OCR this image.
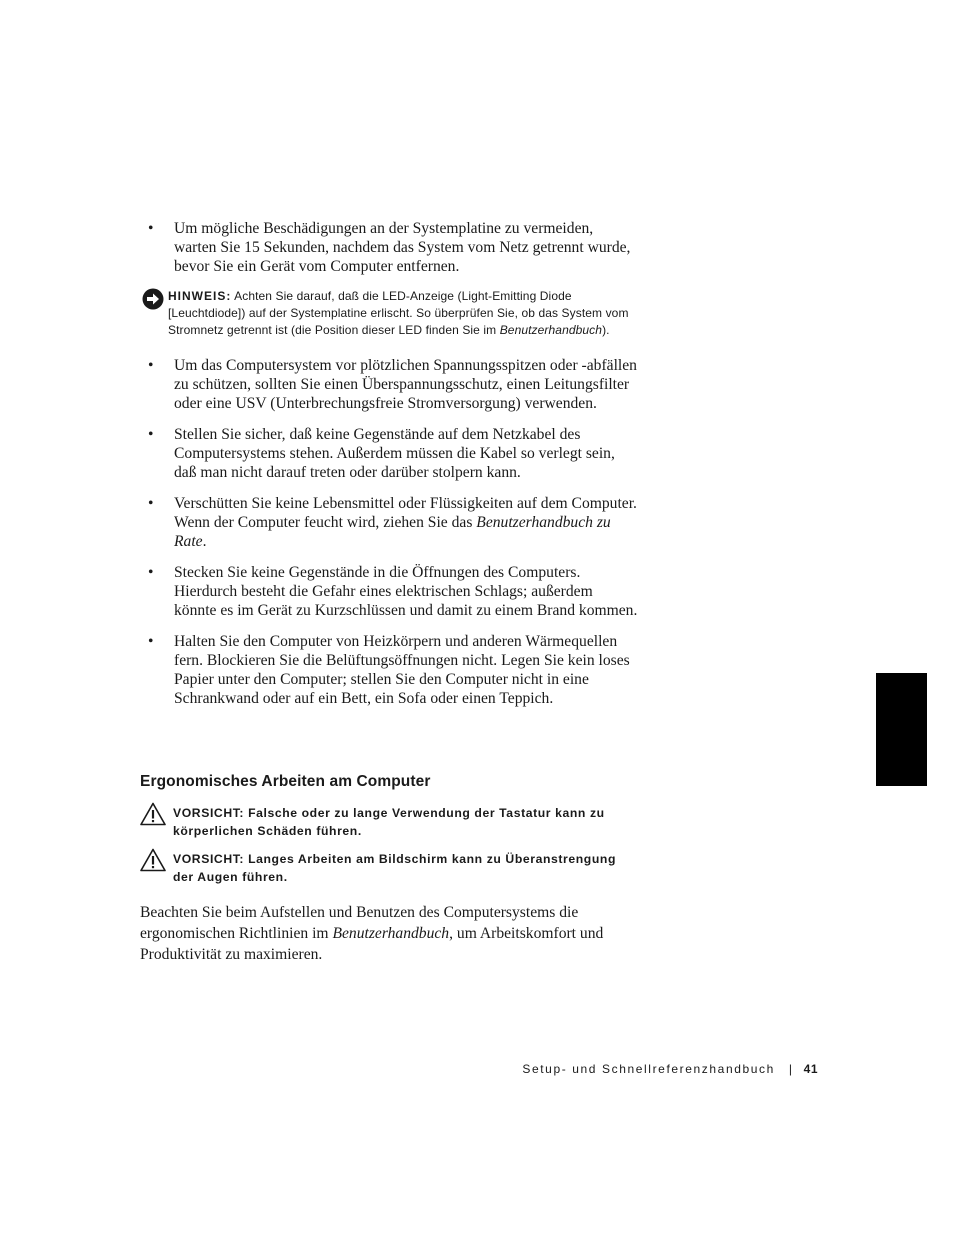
• Um mögliche Beschädigungen an der Systemplatine zu vermeiden, warten Sie 15 Sekunden, nachdem das System vom Netz getrennt wurde, bevor Sie ein Gerät vom Computer entfernen.
HINWEIS: Achten Sie darauf, daß die LED-Anzeige (Light-Emitting Diode [Leuchtdiode]) auf der Systemplatine erlischt. So überprüfen Sie, ob das System vom Stromnetz getrennt ist (die Position dieser LED finden Sie im Benutzerhandbuch).
• Um das Computersystem vor plötzlichen Spannungsspitzen oder -abfällen zu schützen, sollten Sie einen Überspannungsschutz, einen Leitungsfilter oder eine USV (Unterbrechungsfreie Stromversorgung) verwenden.
• Stellen Sie sicher, daß keine Gegenstände auf dem Netzkabel des Computersystems stehen. Außerdem müssen die Kabel so verlegt sein, daß man nicht darauf treten oder darüber stolpern kann.
• Verschütten Sie keine Lebensmittel oder Flüssigkeiten auf dem Computer. Wenn der Computer feucht wird, ziehen Sie das Benutzerhandbuch zu Rate.
• Stecken Sie keine Gegenstände in die Öffnungen des Computers. Hierdurch besteht die Gefahr eines elektrischen Schlags; außerdem könnte es im Gerät zu Kurzschlüssen und damit zu einem Brand kommen.
• Halten Sie den Computer von Heizkörpern und anderen Wärmequellen fern. Blockieren Sie die Belüftungsöffnungen nicht. Legen Sie kein loses Papier unter den Computer; stellen Sie den Computer nicht in eine Schrankwand oder auf ein Bett, ein Sofa oder einen Teppich.
Ergonomisches Arbeiten am Computer
VORSICHT: Falsche oder zu lange Verwendung der Tastatur kann zu körperlichen Schäden führen.
VORSICHT: Langes Arbeiten am Bildschirm kann zu Überanstrengung der Augen führen.
Beachten Sie beim Aufstellen und Benutzen des Computersystems die ergonomischen Richtlinien im Benutzerhandbuch, um Arbeitskomfort und Produktivität zu maximieren.
Setup- und Schnellreferenzhandbuch | 41
